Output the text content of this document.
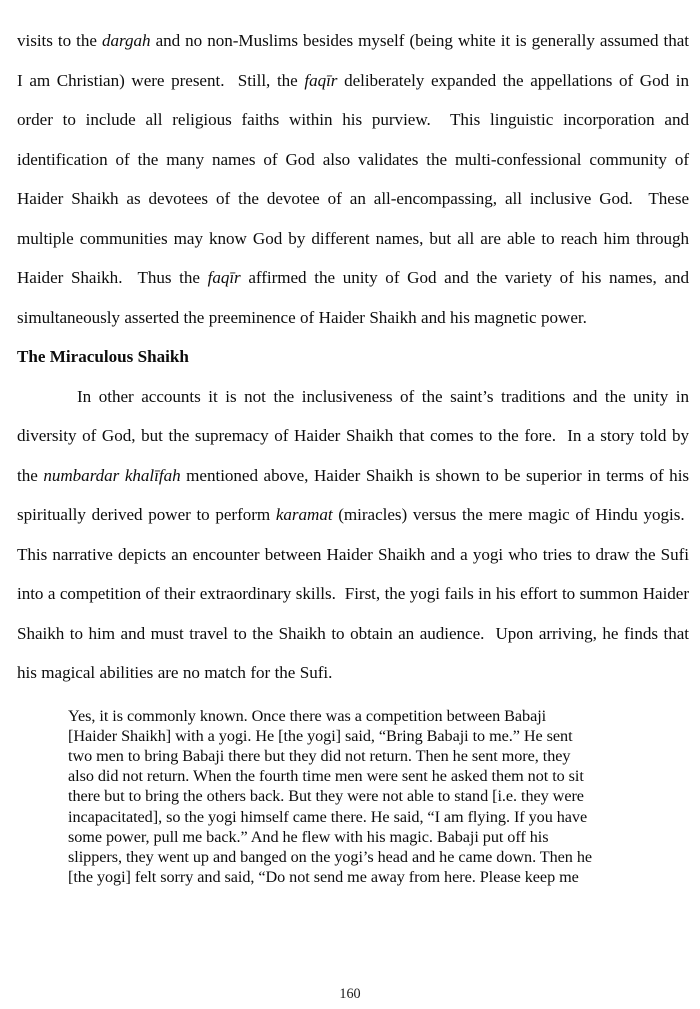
visits to the dargah and no non-Muslims besides myself (being white it is generally assumed that I am Christian) were present.  Still, the faqīr deliberately expanded the appellations of God in order to include all religious faiths within his purview.  This linguistic incorporation and identification of the many names of God also validates the multi-confessional community of Haider Shaikh as devotees of the devotee of an all-encompassing, all inclusive God.  These multiple communities may know God by different names, but all are able to reach him through Haider Shaikh.  Thus the faqīr affirmed the unity of God and the variety of his names, and simultaneously asserted the preeminence of Haider Shaikh and his magnetic power.

The Miraculous Shaikh

In other accounts it is not the inclusiveness of the saint’s traditions and the unity in diversity of God, but the supremacy of Haider Shaikh that comes to the fore.  In a story told by the numbardar khalīfah mentioned above, Haider Shaikh is shown to be superior in terms of his spiritually derived power to perform karamat (miracles) versus the mere magic of Hindu yogis.  This narrative depicts an encounter between Haider Shaikh and a yogi who tries to draw the Sufi into a competition of their extraordinary skills.  First, the yogi fails in his effort to summon Haider Shaikh to him and must travel to the Shaikh to obtain an audience.  Upon arriving, he finds that his magical abilities are no match for the Sufi.

Yes, it is commonly known. Once there was a competition between Babaji
[Haider Shaikh] with a yogi. He [the yogi] said, “Bring Babaji to me.” He sent
two men to bring Babaji there but they did not return. Then he sent more, they
also did not return. When the fourth time men were sent he asked them not to sit
there but to bring the others back. But they were not able to stand [i.e. they were
incapacitated], so the yogi himself came there. He said, “I am flying. If you have
some power, pull me back.” And he flew with his magic. Babaji put off his
slippers, they went up and banged on the yogi’s head and he came down. Then he
[the yogi] felt sorry and said, “Do not send me away from here. Please keep me
160
